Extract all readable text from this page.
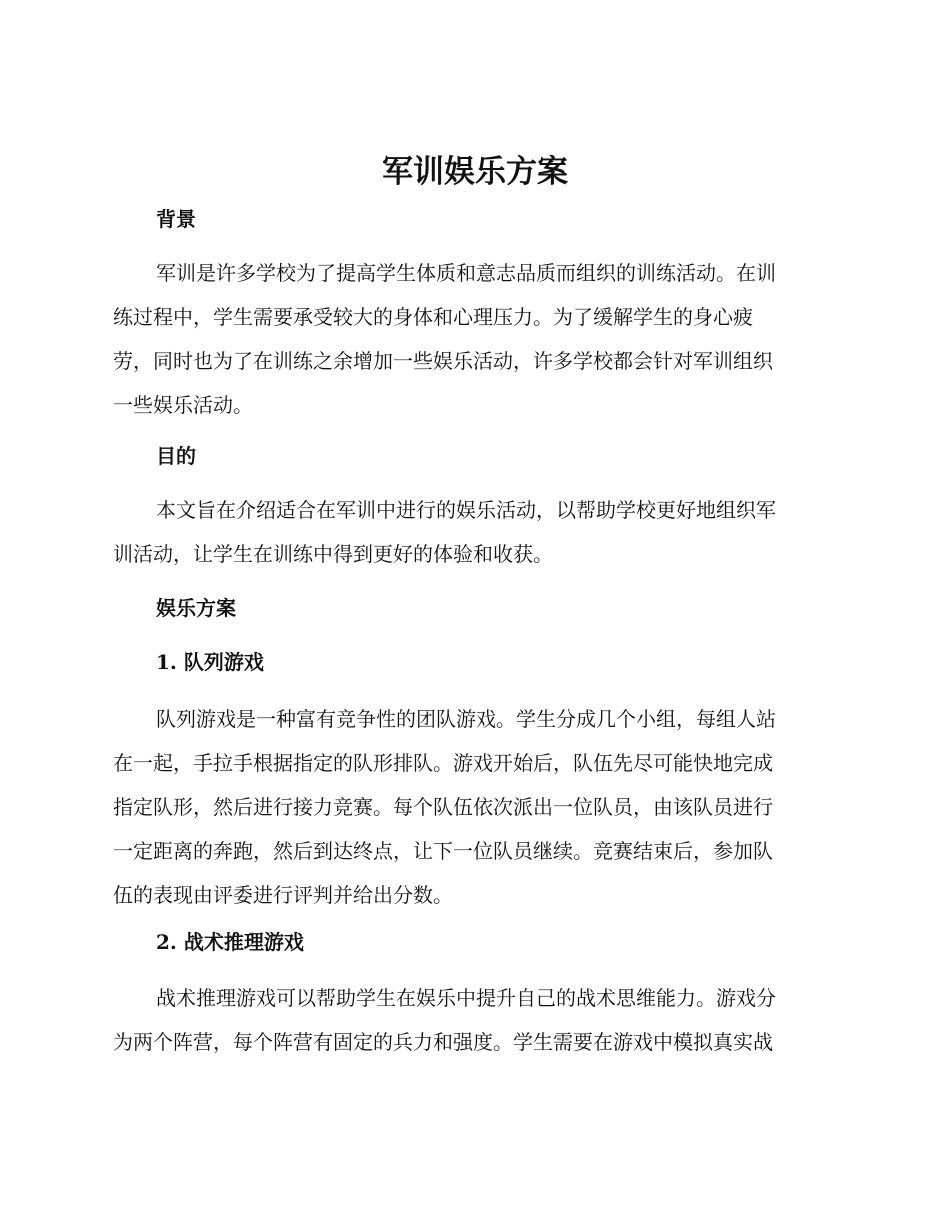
军训娱乐方案
背景
军训是许多学校为了提高学生体质和意志品质而组织的训练活动。在训
练过程中，学生需要承受较大的身体和心理压力。为了缓解学生的身心疲
劳，同时也为了在训练之余增加一些娱乐活动，许多学校都会针对军训组织
一些娱乐活动。
目的
本文旨在介绍适合在军训中进行的娱乐活动，以帮助学校更好地组织军
训活动，让学生在训练中得到更好的体验和收获。
娱乐方案
1. 队列游戏
队列游戏是一种富有竞争性的团队游戏。学生分成几个小组，每组人站
在一起，手拉手根据指定的队形排队。游戏开始后，队伍先尽可能快地完成
指定队形，然后进行接力竞赛。每个队伍依次派出一位队员，由该队员进行
一定距离的奔跑，然后到达终点，让下一位队员继续。竞赛结束后，参加队
伍的表现由评委进行评判并给出分数。
2. 战术推理游戏
战术推理游戏可以帮助学生在娱乐中提升自己的战术思维能力。游戏分
为两个阵营，每个阵营有固定的兵力和强度。学生需要在游戏中模拟真实战
